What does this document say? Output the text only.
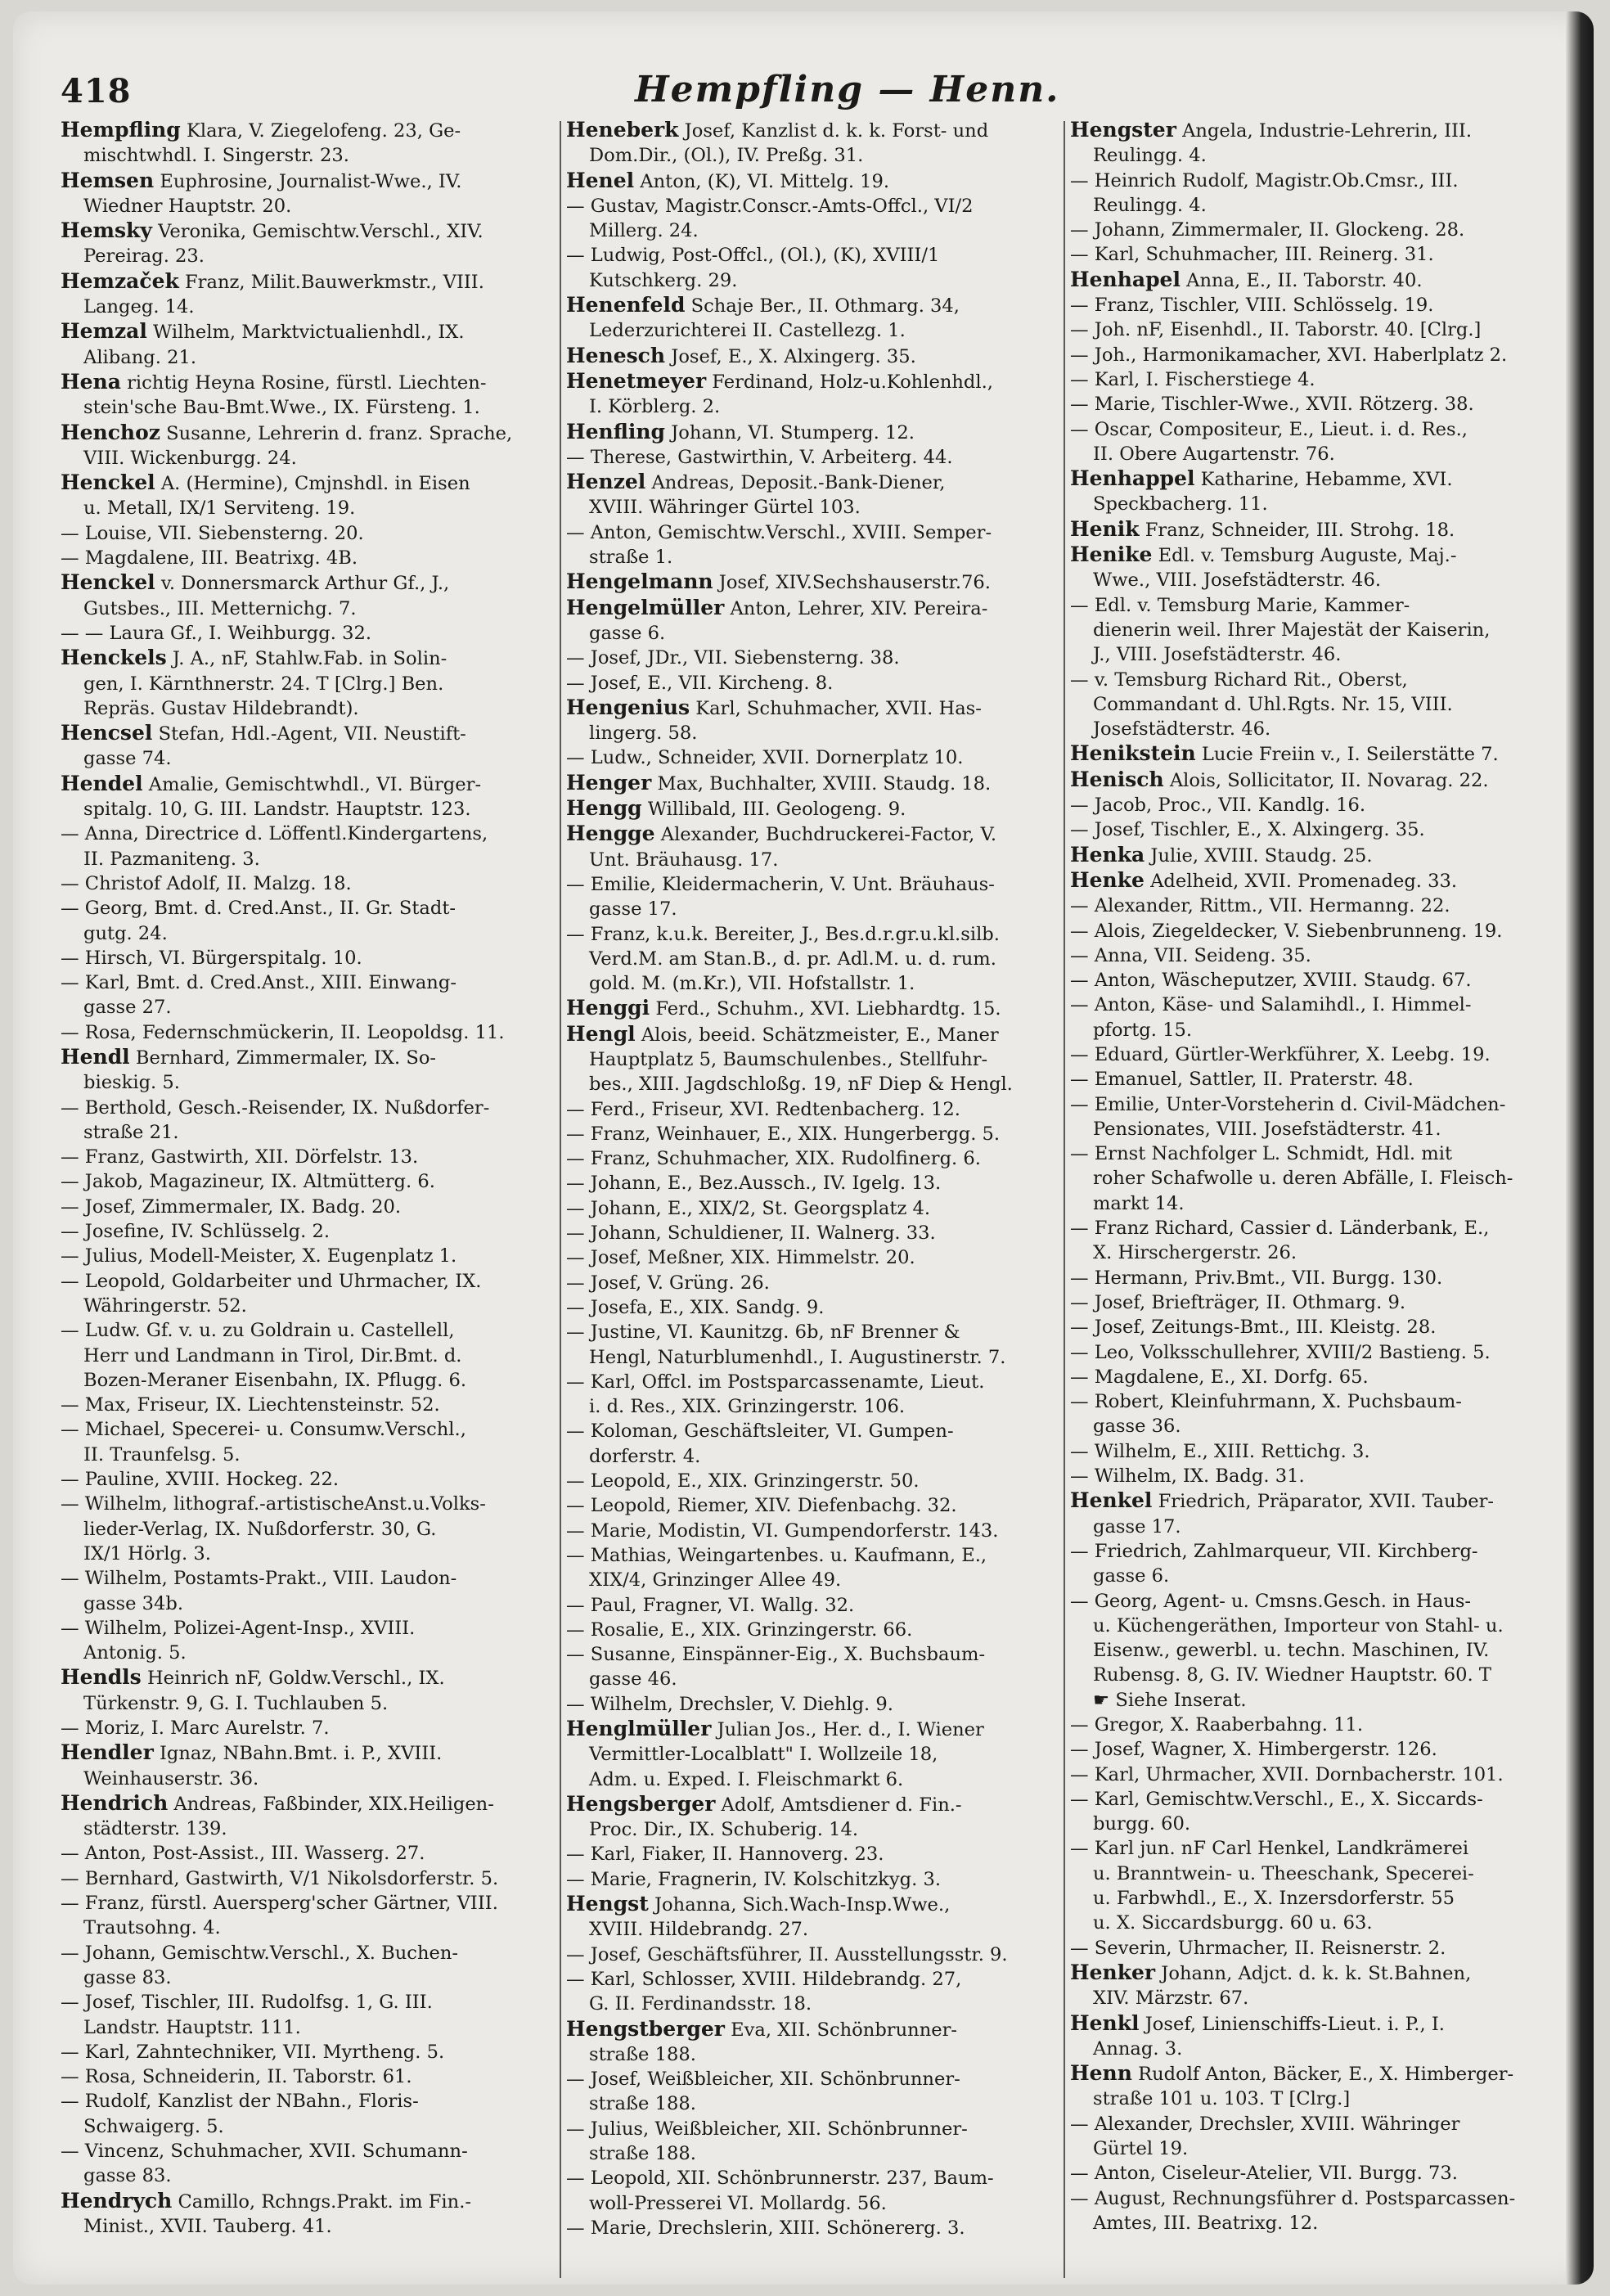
418	Hempfling — Henn.
Hempfling Klara, V. Ziegelofeng. 23, Ge-
mischtwhdl. I. Singerstr. 23.
Hemsen Euphrosine, Journalist-Wwe., IV.
Wiedner Hauptstr. 20.
Hemsky Veronika, Gemischtw.Verschl., XIV.
Pereirag. 23.
Hemzaček Franz, Milit.Bauwerkmstr., VIII.
Langeg. 14.
Hemzal Wilhelm, Marktvictualienhdl., IX.
Alibang. 21.
Hena richtig Heyna Rosine, fürstl. Liechten-
stein'sche Bau-Bmt.Wwe., IX. Fürsteng. 1.
Henchoz Susanne, Lehrerin d. franz. Sprache,
VIII. Wickenburgg. 24.
Henckel A. (Hermine), Cmjnshdl. in Eisen
u. Metall, IX/1 Serviteng. 19.
— Louise, VII. Siebensterng. 20.
— Magdalene, III. Beatrixg. 4B.
Henckel v. Donnersmarck Arthur Gf., J.,
Gutsbes., III. Metternichg. 7.
— — Laura Gf., I. Weihburgg. 32.
Henckels J. A., nF, Stahlw.Fab. in Solin-
gen, I. Kärnthnerstr. 24. T [Clrg.] Ben.
Repräs. Gustav Hildebrandt).
Hencsel Stefan, Hdl.-Agent, VII. Neustift-
gasse 74.
Hendel Amalie, Gemischtwhdl., VI. Bürger-
spitalg. 10, G. III. Landstr. Hauptstr. 123.
— Anna, Directrice d. Löffentl.Kindergartens,
II. Pazmaniteng. 3.
— Christof Adolf, II. Malzg. 18.
— Georg, Bmt. d. Cred.Anst., II. Gr. Stadt-
gutg. 24.
— Hirsch, VI. Bürgerspitalg. 10.
— Karl, Bmt. d. Cred.Anst., XIII. Einwang-
gasse 27.
— Rosa, Federnschmückerin, II. Leopoldsg. 11.
Hendl Bernhard, Zimmermaler, IX. So-
bieskig. 5.
— Berthold, Gesch.-Reisender, IX. Nußdorfer-
straße 21.
— Franz, Gastwirth, XII. Dörfelstr. 13.
— Jakob, Magazineur, IX. Altmütterg. 6.
— Josef, Zimmermaler, IX. Badg. 20.
— Josefine, IV. Schlüsselg. 2.
— Julius, Modell-Meister, X. Eugenplatz 1.
— Leopold, Goldarbeiter und Uhrmacher, IX.
Währingerstr. 52.
— Ludw. Gf. v. u. zu Goldrain u. Castellell,
Herr und Landmann in Tirol, Dir.Bmt. d.
Bozen-Meraner Eisenbahn, IX. Pflugg. 6.
— Max, Friseur, IX. Liechtensteinstr. 52.
— Michael, Specerei- u. Consumw.Verschl.,
II. Traunfelsg. 5.
— Pauline, XVIII. Hockeg. 22.
— Wilhelm, lithograf.-artistischeAnst.u.Volks-
lieder-Verlag, IX. Nußdorferstr. 30, G.
IX/1 Hörlg. 3.
— Wilhelm, Postamts-Prakt., VIII. Laudon-
gasse 34b.
— Wilhelm, Polizei-Agent-Insp., XVIII.
Antonig. 5.
Hendls Heinrich nF, Goldw.Verschl., IX.
Türkenstr. 9, G. I. Tuchlauben 5.
— Moriz, I. Marc Aurelstr. 7.
Hendler Ignaz, NBahn.Bmt. i. P., XVIII.
Weinhauserstr. 36.
Hendrich Andreas, Faßbinder, XIX.Heiligen-
städterstr. 139.
— Anton, Post-Assist., III. Wasserg. 27.
— Bernhard, Gastwirth, V/1 Nikolsdorferstr. 5.
— Franz, fürstl. Auersperg'scher Gärtner, VIII.
Trautsohng. 4.
— Johann, Gemischtw.Verschl., X. Buchen-
gasse 83.
— Josef, Tischler, III. Rudolfsg. 1, G. III.
Landstr. Hauptstr. 111.
— Karl, Zahntechniker, VII. Myrtheng. 5.
— Rosa, Schneiderin, II. Taborstr. 61.
— Rudolf, Kanzlist der NBahn., Floris-
Schwaigerg. 5.
— Vincenz, Schuhmacher, XVII. Schumann-
gasse 83.
Hendrych Camillo, Rchngs.Prakt. im Fin.-
Minist., XVII. Tauberg. 41.
Heneberk Josef, Kanzlist d. k. k. Forst- und
Dom.Dir., (Ol.), IV. Preßg. 31.
Henel Anton, (K), VI. Mittelg. 19.
— Gustav, Magistr.Conscr.-Amts-Offcl., VI/2
Millerg. 24.
— Ludwig, Post-Offcl., (Ol.), (K), XVIII/1
Kutschkerg. 29.
Henenfeld Schaje Ber., II. Othmarg. 34,
Lederzurichterei II. Castellezg. 1.
Henesch Josef, E., X. Alxingerg. 35.
Henetmeyer Ferdinand, Holz-u.Kohlenhdl.,
I. Körblerg. 2.
Henfling Johann, VI. Stumperg. 12.
— Therese, Gastwirthin, V. Arbeiterg. 44.
Henzel Andreas, Deposit.-Bank-Diener,
XVIII. Währinger Gürtel 103.
— Anton, Gemischtw.Verschl., XVIII. Semper-
straße 1.
Hengelmann Josef, XIV.Sechshauserstr.76.
Hengelmüller Anton, Lehrer, XIV. Pereira-
gasse 6.
— Josef, JDr., VII. Siebensterng. 38.
— Josef, E., VII. Kircheng. 8.
Hengenius Karl, Schuhmacher, XVII. Has-
lingerg. 58.
— Ludw., Schneider, XVII. Dornerplatz 10.
Henger Max, Buchhalter, XVIII. Staudg. 18.
Hengg Willibald, III. Geologeng. 9.
Hengge Alexander, Buchdruckerei-Factor, V.
Unt. Bräuhausg. 17.
— Emilie, Kleidermacherin, V. Unt. Bräuhaus-
gasse 17.
— Franz, k.u.k. Bereiter, J., Bes.d.r.gr.u.kl.silb.
Verd.M. am Stan.B., d. pr. Adl.M. u. d. rum.
gold. M. (m.Kr.), VII. Hofstallstr. 1.
Henggi Ferd., Schuhm., XVI. Liebhardtg. 15.
Hengl Alois, beeid. Schätzmeister, E., Maner
Hauptplatz 5, Baumschulenbes., Stellfuhr-
bes., XIII. Jagdschloßg. 19, nF Diep & Hengl.
— Ferd., Friseur, XVI. Redtenbacherg. 12.
— Franz, Weinhauer, E., XIX. Hungerbergg. 5.
— Franz, Schuhmacher, XIX. Rudolfinerg. 6.
— Johann, E., Bez.Aussch., IV. Igelg. 13.
— Johann, E., XIX/2, St. Georgsplatz 4.
— Johann, Schuldiener, II. Walnerg. 33.
— Josef, Meßner, XIX. Himmelstr. 20.
— Josef, V. Grüng. 26.
— Josefa, E., XIX. Sandg. 9.
— Justine, VI. Kaunitzg. 6b, nF Brenner &
Hengl, Naturblumenhdl., I. Augustinerstr. 7.
— Karl, Offcl. im Postsparcassenamte, Lieut.
i. d. Res., XIX. Grinzingerstr. 106.
— Koloman, Geschäftsleiter, VI. Gumpen-
dorferstr. 4.
— Leopold, E., XIX. Grinzingerstr. 50.
— Leopold, Riemer, XIV. Diefenbachg. 32.
— Marie, Modistin, VI. Gumpendorferstr. 143.
— Mathias, Weingartenbes. u. Kaufmann, E.,
XIX/4, Grinzinger Allee 49.
— Paul, Fragner, VI. Wallg. 32.
— Rosalie, E., XIX. Grinzingerstr. 66.
— Susanne, Einspänner-Eig., X. Buchsbaum-
gasse 46.
— Wilhelm, Drechsler, V. Diehlg. 9.
Henglmüller Julian Jos., Her. d., I. Wiener
Vermittler-Localblatt" I. Wollzeile 18,
Adm. u. Exped. I. Fleischmarkt 6.
Hengsberger Adolf, Amtsdiener d. Fin.-
Proc. Dir., IX. Schuberig. 14.
— Karl, Fiaker, II. Hannoverg. 23.
— Marie, Fragnerin, IV. Kolschitzkyg. 3.
Hengst Johanna, Sich.Wach-Insp.Wwe.,
XVIII. Hildebrandg. 27.
— Josef, Geschäftsführer, II. Ausstellungsstr. 9.
— Karl, Schlosser, XVIII. Hildebrandg. 27,
G. II. Ferdinandsstr. 18.
Hengstberger Eva, XII. Schönbrunner-
straße 188.
— Josef, Weißbleicher, XII. Schönbrunner-
straße 188.
— Julius, Weißbleicher, XII. Schönbrunner-
straße 188.
— Leopold, XII. Schönbrunnerstr. 237, Baum-
woll-Presserei VI. Mollardg. 56.
— Marie, Drechslerin, XIII. Schönererg. 3.
Hengster Angela, Industrie-Lehrerin, III.
Reulingg. 4.
— Heinrich Rudolf, Magistr.Ob.Cmsr., III.
Reulingg. 4.
— Johann, Zimmermaler, II. Glockeng. 28.
— Karl, Schuhmacher, III. Reinerg. 31.
Henhapel Anna, E., II. Taborstr. 40.
— Franz, Tischler, VIII. Schlösselg. 19.
— Joh. nF, Eisenhdl., II. Taborstr. 40. [Clrg.]
— Joh., Harmonikamacher, XVI. Haberlplatz 2.
— Karl, I. Fischerstiege 4.
— Marie, Tischler-Wwe., XVII. Rötzerg. 38.
— Oscar, Compositeur, E., Lieut. i. d. Res.,
II. Obere Augartenstr. 76.
Henhappel Katharine, Hebamme, XVI.
Speckbacherg. 11.
Henik Franz, Schneider, III. Strohg. 18.
Henike Edl. v. Temsburg Auguste, Maj.-
Wwe., VIII. Josefstädterstr. 46.
— Edl. v. Temsburg Marie, Kammer-
dienerin weil. Ihrer Majestät der Kaiserin,
J., VIII. Josefstädterstr. 46.
— v. Temsburg Richard Rit., Oberst,
Commandant d. Uhl.Rgts. Nr. 15, VIII.
Josefstädterstr. 46.
Henikstein Lucie Freiin v., I. Seilerstätte 7.
Henisch Alois, Sollicitator, II. Novarag. 22.
— Jacob, Proc., VII. Kandlg. 16.
— Josef, Tischler, E., X. Alxingerg. 35.
Henka Julie, XVIII. Staudg. 25.
Henke Adelheid, XVII. Promenadeg. 33.
— Alexander, Rittm., VII. Hermanng. 22.
— Alois, Ziegeldecker, V. Siebenbrunneng. 19.
— Anna, VII. Seideng. 35.
— Anton, Wäscheputzer, XVIII. Staudg. 67.
— Anton, Käse- und Salamihdl., I. Himmel-
pfortg. 15.
— Eduard, Gürtler-Werkführer, X. Leebg. 19.
— Emanuel, Sattler, II. Praterstr. 48.
— Emilie, Unter-Vorsteherin d. Civil-Mädchen-
Pensionates, VIII. Josefstädterstr. 41.
— Ernst Nachfolger L. Schmidt, Hdl. mit
roher Schafwolle u. deren Abfälle, I. Fleisch-
markt 14.
— Franz Richard, Cassier d. Länderbank, E.,
X. Hirschergerstr. 26.
— Hermann, Priv.Bmt., VII. Burgg. 130.
— Josef, Briefträger, II. Othmarg. 9.
— Josef, Zeitungs-Bmt., III. Kleistg. 28.
— Leo, Volksschullehrer, XVIII/2 Bastieng. 5.
— Magdalene, E., XI. Dorfg. 65.
— Robert, Kleinfuhrmann, X. Puchsbaum-
gasse 36.
— Wilhelm, E., XIII. Rettichg. 3.
— Wilhelm, IX. Badg. 31.
Henkel Friedrich, Präparator, XVII. Tauber-
gasse 17.
— Friedrich, Zahlmarqueur, VII. Kirchberg-
gasse 6.
— Georg, Agent- u. Cmsns.Gesch. in Haus-
u. Küchengeräthen, Importeur von Stahl- u.
Eisenw., gewerbl. u. techn. Maschinen, IV.
Rubensg. 8, G. IV. Wiedner Hauptstr. 60. T
☛ Siehe Inserat.
— Gregor, X. Raaberbahng. 11.
— Josef, Wagner, X. Himbergerstr. 126.
— Karl, Uhrmacher, XVII. Dornbacherstr. 101.
— Karl, Gemischtw.Verschl., E., X. Siccards-
burgg. 60.
— Karl jun. nF Carl Henkel, Landkrämerei
u. Branntwein- u. Theeschank, Specerei-
u. Farbwhdl., E., X. Inzersdorferstr. 55
u. X. Siccardsburgg. 60 u. 63.
— Severin, Uhrmacher, II. Reisnerstr. 2.
Henker Johann, Adjct. d. k. k. St.Bahnen,
XIV. Märzstr. 67.
Henkl Josef, Linienschiffs-Lieut. i. P., I.
Annag. 3.
Henn Rudolf Anton, Bäcker, E., X. Himberger-
straße 101 u. 103. T [Clrg.]
— Alexander, Drechsler, XVIII. Währinger
Gürtel 19.
— Anton, Ciseleur-Atelier, VII. Burgg. 73.
— August, Rechnungsführer d. Postsparcassen-
Amtes, III. Beatrixg. 12.
